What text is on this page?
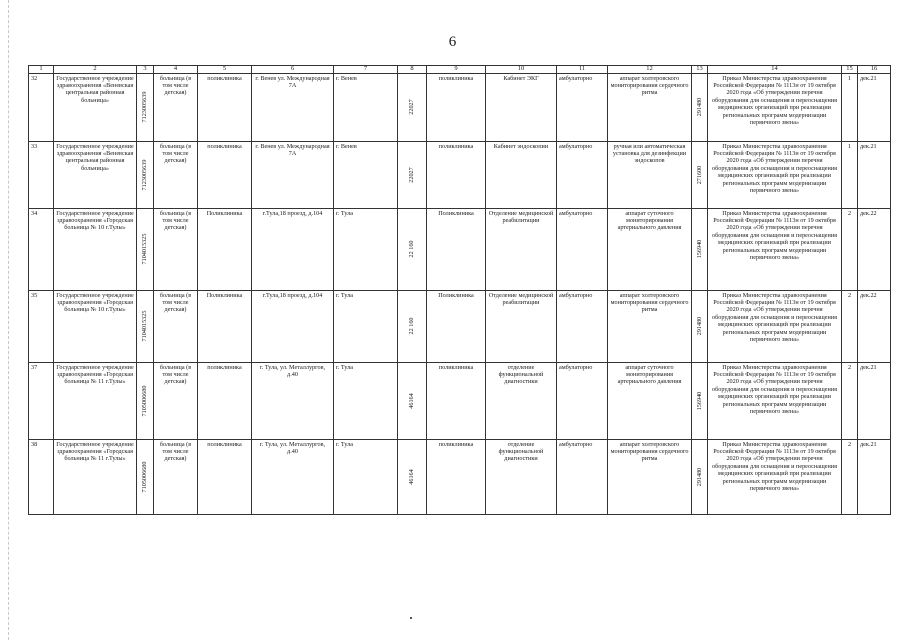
6
1	2	3	4	5	6	7	8	9	10	11	12	13	14	15	16
32	Государственное учреждение здравоохранения «Веневская центральная районная больница»	7123005639	больница (в том числе детская)	поликлиника	г. Венев ул. Международная 7А	г. Венев	22027	поликлиника	Кабинет ЭКГ	амбулаторно	аппарат холтеровского мониторирования сердечного ритма	291480	Приказ Министерства здравоохранения Российской Федерации № 1113н от 19 октября 2020 года «Об утверждении перечня оборудования для оснащения и переоснащения медицинских организаций при реализации региональных программ модернизации первичного звена»	1	дек.21
33	Государственное учреждение здравоохранения «Веневская центральная районная больница»	7123005639	больница (в том числе детская)	поликлиника	г. Венев ул. Международная 7А	г. Венев	22027	поликлиника	Кабинет эндоскопии	амбулаторно	ручная или автоматическая установка для дезинфекции эндоскопов	271600	Приказ Министерства здравоохранения Российской Федерации № 1113н от 19 октября 2020 года «Об утверждении перечня оборудования для оснащения и переоснащения медицинских организаций при реализации региональных программ модернизации первичного звена»	1	дек.21
34	Государственное учреждение здравоохранения «Городская больница № 10 г.Тулы»	7104015325	больница (в том числе детская)	Поликлиника	г.Тула,18 проезд, д.104	г. Тула	22 160	Поликлиника	Отделение медицинской реабилитации	амбулаторно	аппарат суточного мониторирования артериального давления	156940	Приказ Министерства здравоохранения Российской Федерации № 1113н от 19 октября 2020 года «Об утверждении перечня оборудования для оснащения и переоснащения медицинских организаций при реализации региональных программ модернизации первичного звена»	2	дек.22
35	Государственное учреждение здравоохранения «Городская больница № 10 г.Тулы»	7104015325	больница (в том числе детская)	Поликлиника	г.Тула,18 проезд, д.104	г. Тула	22 160	Поликлиника	Отделение медицинской реабилитации	амбулаторно	аппарат холтеровского мониторирования сердечного ритма	291480	Приказ Министерства здравоохранения Российской Федерации № 1113н от 19 октября 2020 года «Об утверждении перечня оборудования для оснащения и переоснащения медицинских организаций при реализации региональных программ модернизации первичного звена»	2	дек.22
37	Государственное учреждение здравоохранения «Городская больница № 11 г.Тулы»	7105006680	больница (в том числе детская)	поликлиника	г. Тула, ул. Металлургов, д.40	г. Тула	46164	поликлиника	отделение функциональной диагностики	амбулаторно	аппарат суточного мониторирования артериального давления	156940	Приказ Министерства здравоохранения Российской Федерации № 1113н от 19 октября 2020 года «Об утверждении перечня оборудования для оснащения и переоснащения медицинских организаций при реализации региональных программ модернизации первичного звена»	2	дек.21
38	Государственное учреждение здравоохранения «Городская больница № 11 г.Тулы»	7105006680	больница (в том числе детская)	поликлиника	г. Тула, ул. Металлургов, д.40	г. Тула	46164	поликлиника	отделение функциональной диагностики	амбулаторно	аппарат холтеровского мониторирования сердечного ритма	291480	Приказ Министерства здравоохранения Российской Федерации № 1113н от 19 октября 2020 года «Об утверждении перечня оборудования для оснащения и переоснащения медицинских организаций при реализации региональных программ модернизации первичного звена»	2	дек.21
